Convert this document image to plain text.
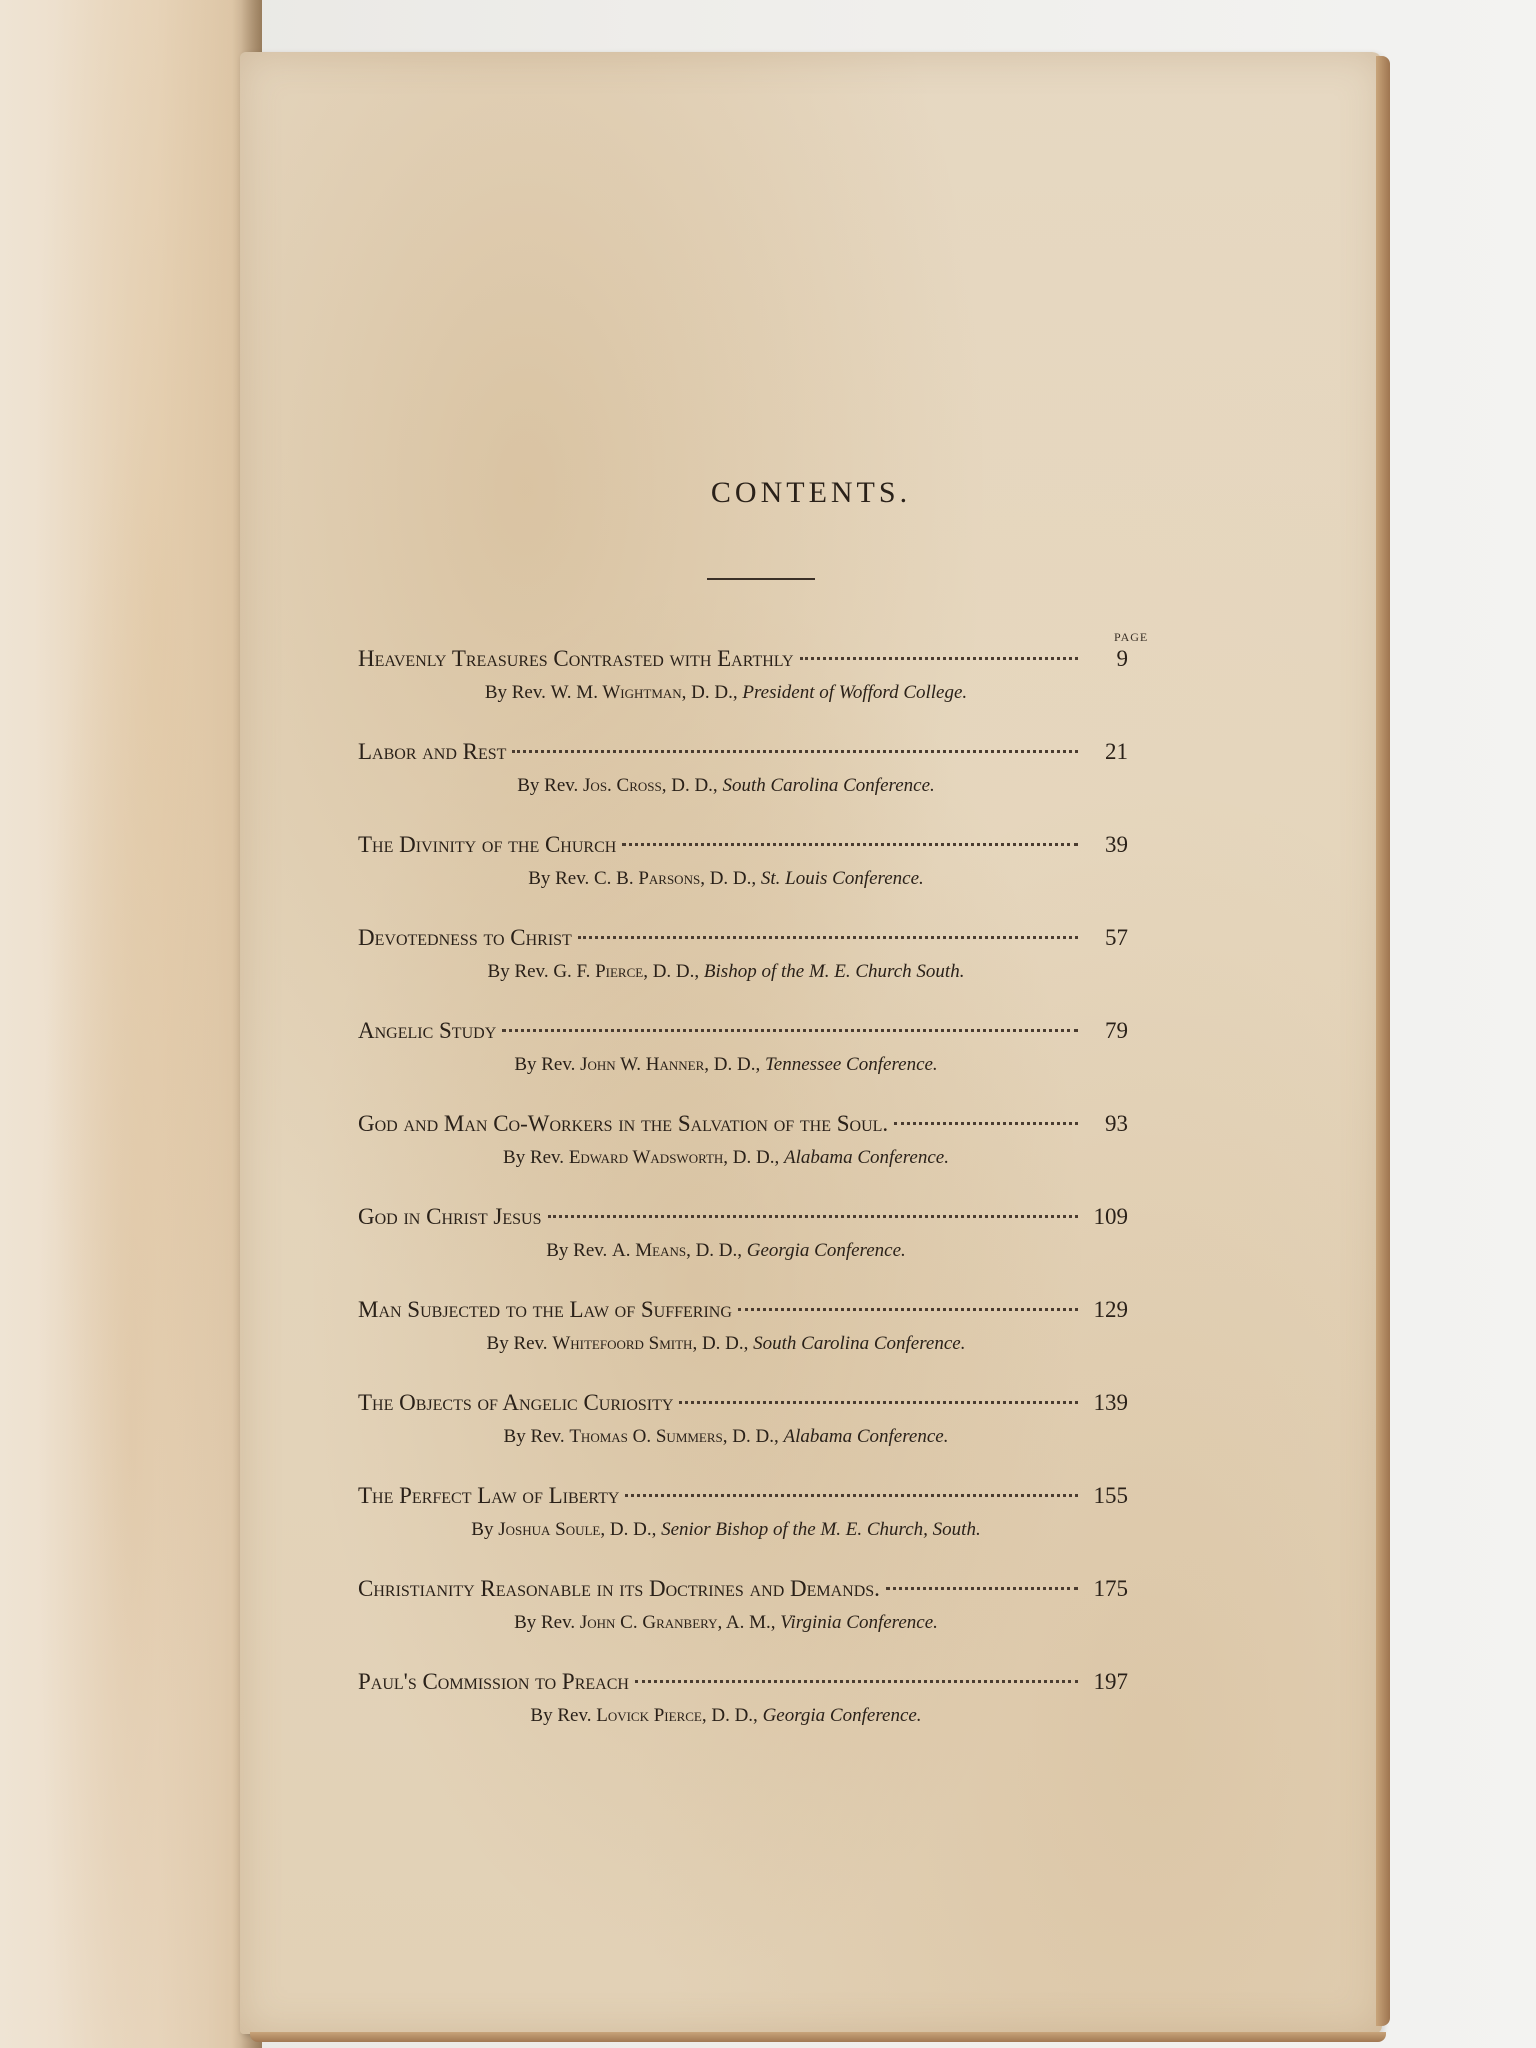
CONTENTS.
PAGE
Heavenly Treasures Contrasted with Earthly	9
By Rev. W. M. Wightman, D. D., President of Wofford College.
Labor and Rest	21
By Rev. Jos. Cross, D. D., South Carolina Conference.
The Divinity of the Church	39
By Rev. C. B. Parsons, D. D., St. Louis Conference.
Devotedness to Christ	57
By Rev. G. F. Pierce, D. D., Bishop of the M. E. Church South.
Angelic Study	79
By Rev. John W. Hanner, D. D., Tennessee Conference.
God and Man Co-Workers in the Salvation of the Soul.	93
By Rev. Edward Wadsworth, D. D., Alabama Conference.
God in Christ Jesus	109
By Rev. A. Means, D. D., Georgia Conference.
Man Subjected to the Law of Suffering	129
By Rev. Whitefoord Smith, D. D., South Carolina Conference.
The Objects of Angelic Curiosity	139
By Rev. Thomas O. Summers, D. D., Alabama Conference.
The Perfect Law of Liberty	155
By Joshua Soule, D. D., Senior Bishop of the M. E. Church, South.
Christianity Reasonable in its Doctrines and Demands.	175
By Rev. John C. Granbery, A. M., Virginia Conference.
Paul's Commission to Preach	197
By Rev. Lovick Pierce, D. D., Georgia Conference.
